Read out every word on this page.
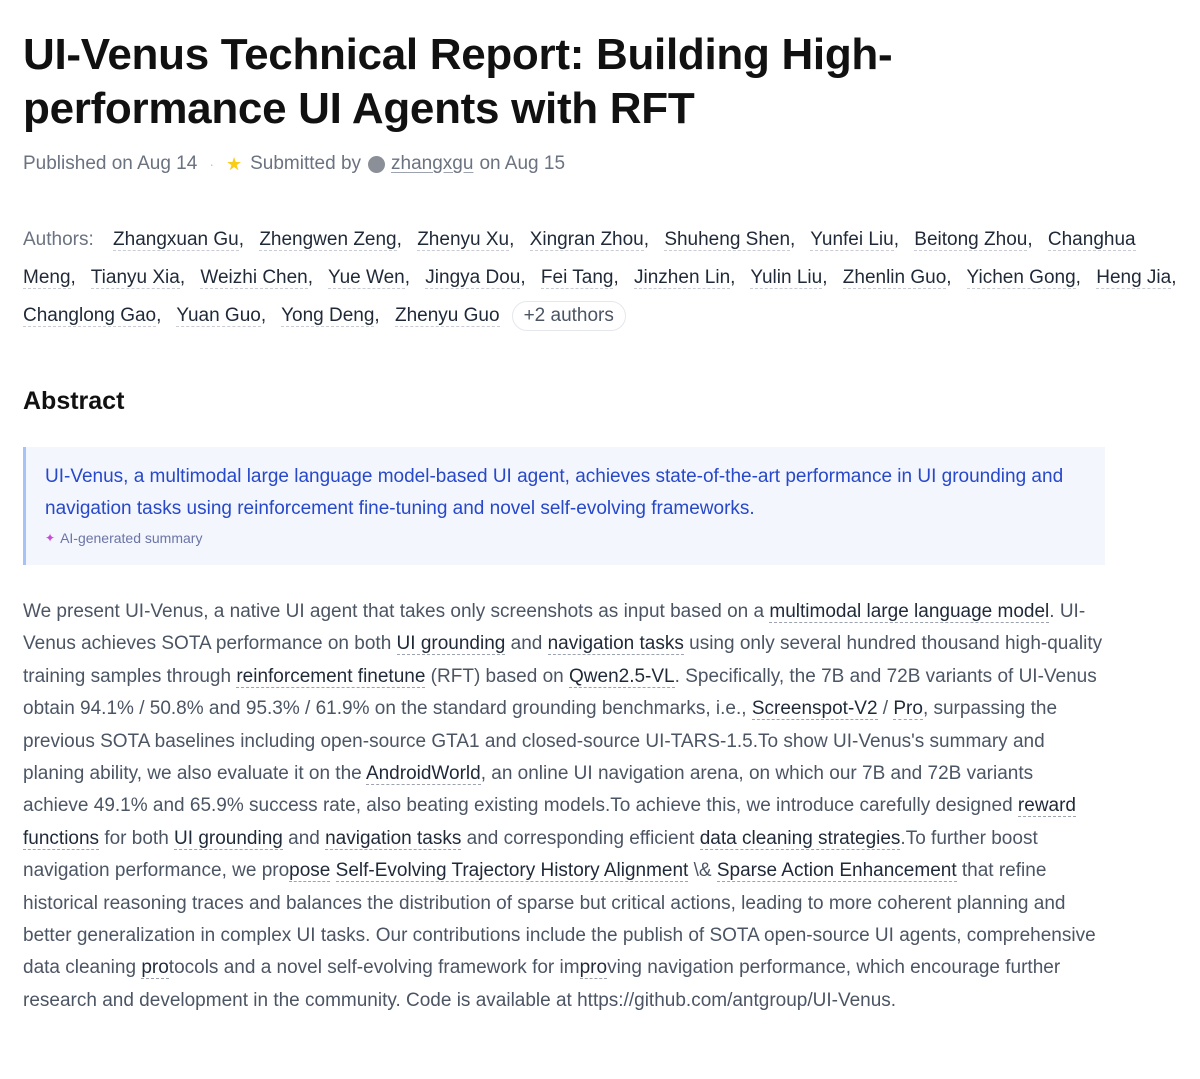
UI-Venus Technical Report: Building High-performance UI Agents with RFT
Published on Aug 14 · ★ Submitted by zhangxgu on Aug 15
Authors: Zhangxuan Gu, Zhengwen Zeng, Zhenyu Xu, Xingran Zhou, Shuheng Shen, Yunfei Liu, Beitong Zhou, Changhua Meng, Tianyu Xia, Weizhi Chen, Yue Wen, Jingya Dou, Fei Tang, Jinzhen Lin, Yulin Liu, Zhenlin Guo, Yichen Gong, Heng Jia, Changlong Gao, Yuan Guo, Yong Deng, Zhenyu Guo +2 authors
Abstract

UI-Venus, a multimodal large language model-based UI agent, achieves state-of-the-art performance in UI grounding and navigation tasks using reinforcement fine-tuning and novel self-evolving frameworks.

✦ AI-generated summary

We present UI-Venus, a native UI agent that takes only screenshots as input based on a multimodal large language model. UI-Venus achieves SOTA performance on both UI grounding and navigation tasks using only several hundred thousand high-quality training samples through reinforcement finetune (RFT) based on Qwen2.5-VL. Specifically, the 7B and 72B variants of UI-Venus obtain 94.1% / 50.8% and 95.3% / 61.9% on the standard grounding benchmarks, i.e., Screenspot-V2 / Pro, surpassing the previous SOTA baselines including open-source GTA1 and closed-source UI-TARS-1.5.To show UI-Venus's summary and planing ability, we also evaluate it on the AndroidWorld, an online UI navigation arena, on which our 7B and 72B variants achieve 49.1% and 65.9% success rate, also beating existing models.To achieve this, we introduce carefully designed reward functions for both UI grounding and navigation tasks and corresponding efficient data cleaning strategies.To further boost navigation performance, we propose Self-Evolving Trajectory History Alignment \& Sparse Action Enhancement that refine historical reasoning traces and balances the distribution of sparse but critical actions, leading to more coherent planning and better generalization in complex UI tasks. Our contributions include the publish of SOTA open-source UI agents, comprehensive data cleaning protocols and a novel self-evolving framework for improving navigation performance, which encourage further research and development in the community. Code is available at https://github.com/antgroup/UI-Venus.
